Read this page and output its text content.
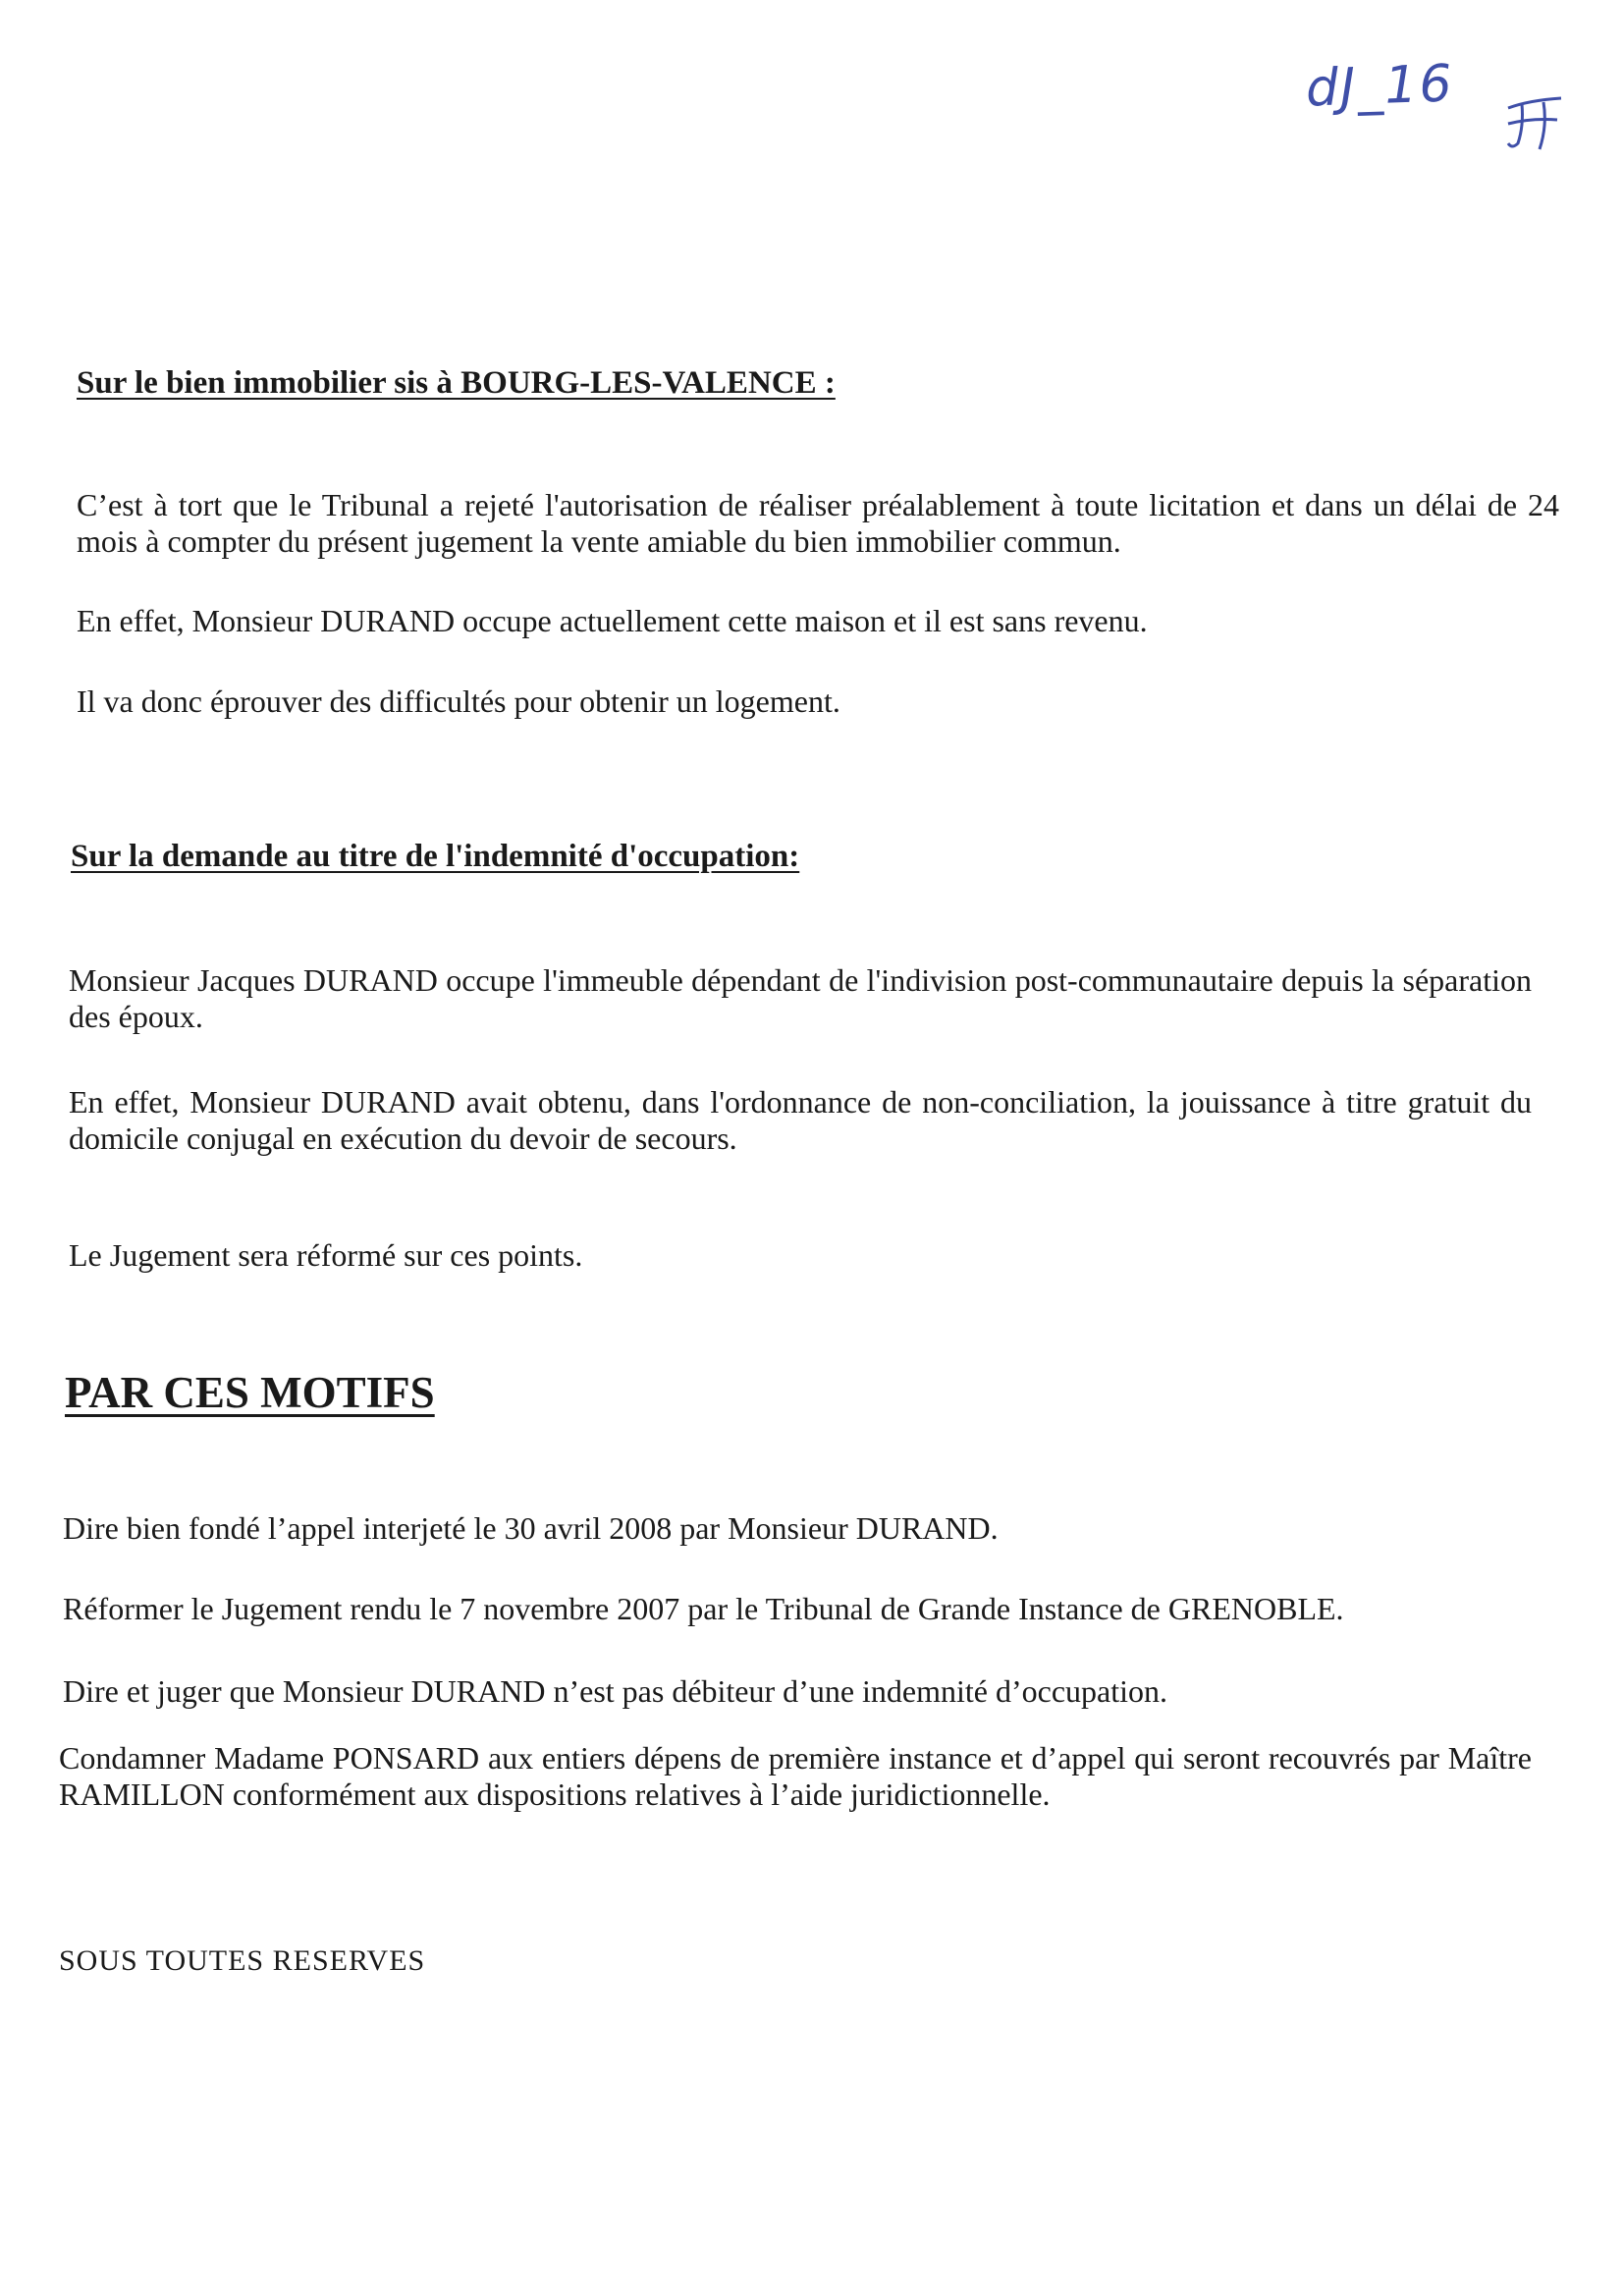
dJ_16
Sur le bien immobilier sis à BOURG-LES-VALENCE :
C’est à tort que le Tribunal a rejeté l'autorisation de réaliser préalablement à toute licitation et dans un délai de 24 mois à compter du présent jugement la vente amiable du bien immobilier commun.
En effet, Monsieur DURAND occupe actuellement cette maison et il est sans revenu.
Il va donc éprouver des difficultés pour obtenir un logement.
Sur la demande au titre de l'indemnité d'occupation:
Monsieur Jacques DURAND occupe l'immeuble dépendant de l'indivision post-communautaire depuis la séparation des époux.
En effet, Monsieur DURAND avait obtenu, dans l'ordonnance de non-conciliation, la jouissance à titre gratuit du domicile conjugal en exécution du devoir de secours.
Le Jugement sera réformé sur ces points.
PAR CES MOTIFS
Dire bien fondé l’appel interjeté le 30 avril 2008 par Monsieur DURAND.
Réformer le Jugement rendu le 7 novembre 2007 par le Tribunal de Grande Instance de GRENOBLE.
Dire et juger que Monsieur DURAND n’est pas débiteur d’une indemnité d’occupation.
Condamner Madame PONSARD aux entiers dépens de première instance et d’appel qui seront recouvrés par Maître RAMILLON conformément aux dispositions relatives à l’aide juridictionnelle.
SOUS TOUTES RESERVES
